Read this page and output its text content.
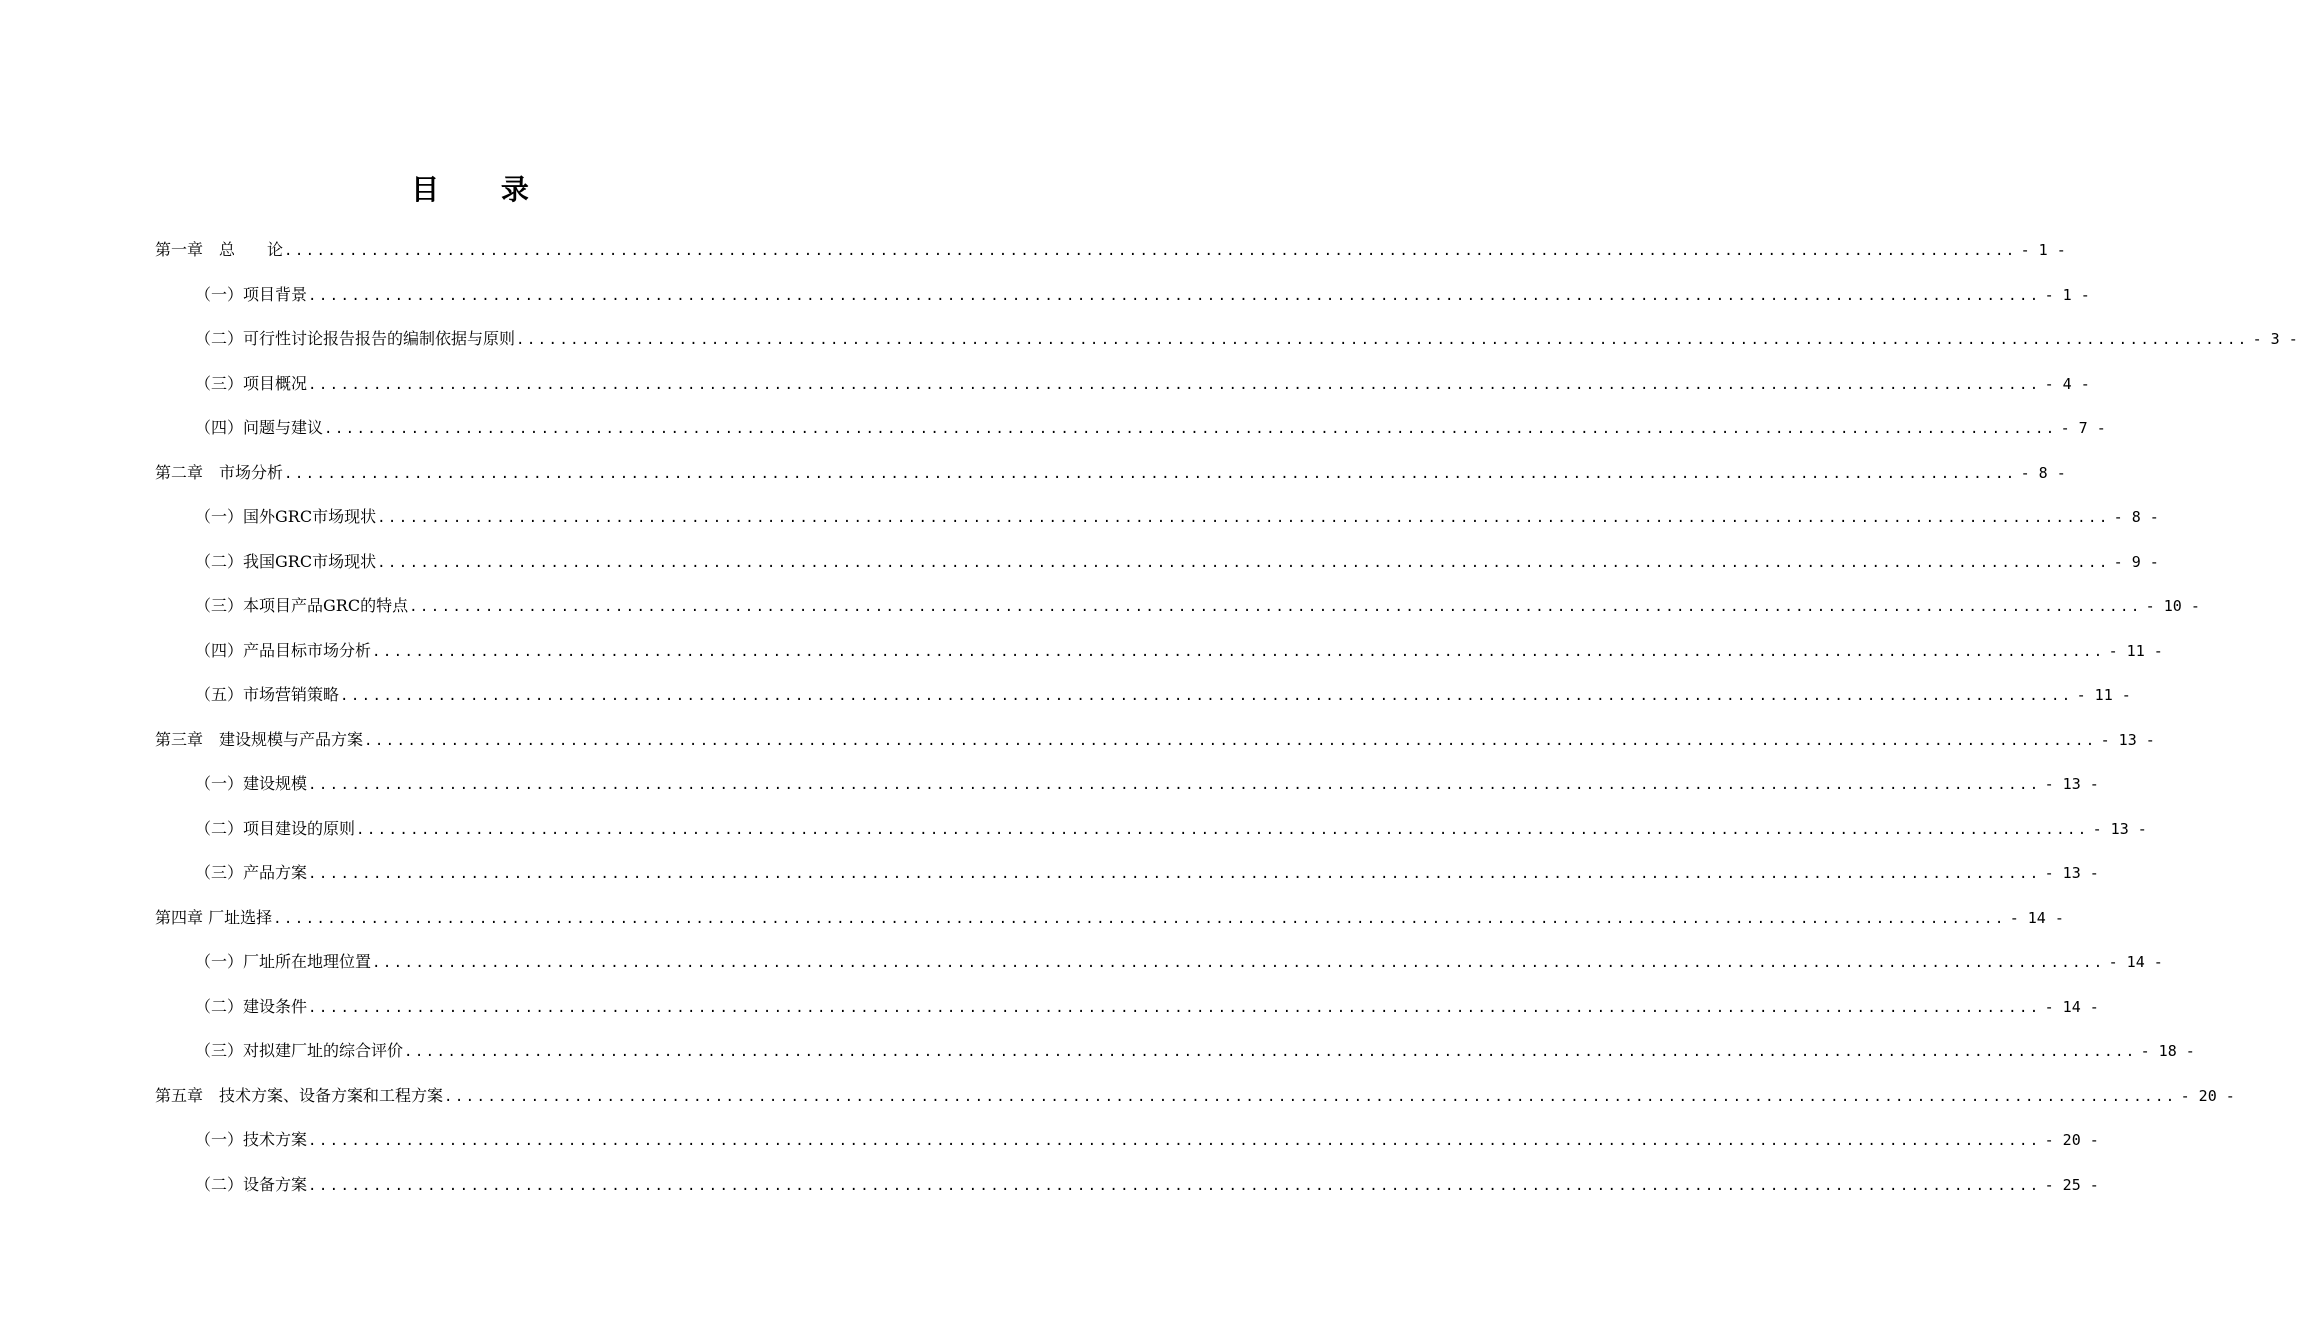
目 录
第一章　总　　论 ................................................................................................................................................................ - 1 -
（一）项目背景 ................................................................................................................................................................ - 1 -
（二）可行性讨论报告报告的编制依据与原则 ................................................................................................................................................................ - 3 -
（三）项目概况 ................................................................................................................................................................ - 4 -
（四）问题与建议 ................................................................................................................................................................ - 7 -
第二章　市场分析 ................................................................................................................................................................ - 8 -
（一）国外GRC市场现状 ................................................................................................................................................................ - 8 -
（二）我国GRC市场现状 ................................................................................................................................................................ - 9 -
（三）本项目产品GRC的特点 ................................................................................................................................................................ - 10 -
（四）产品目标市场分析 ................................................................................................................................................................ - 11 -
（五）市场营销策略 ................................................................................................................................................................ - 11 -
第三章　建设规模与产品方案 ................................................................................................................................................................ - 13 -
（一）建设规模 ................................................................................................................................................................ - 13 -
（二）项目建设的原则 ................................................................................................................................................................ - 13 -
（三）产品方案 ................................................................................................................................................................ - 13 -
第四章 厂址选择 ................................................................................................................................................................ - 14 -
（一）厂址所在地理位置 ................................................................................................................................................................ - 14 -
（二）建设条件 ................................................................................................................................................................ - 14 -
（三）对拟建厂址的综合评价 ................................................................................................................................................................ - 18 -
第五章　技术方案、设备方案和工程方案 ................................................................................................................................................................ - 20 -
（一）技术方案 ................................................................................................................................................................ - 20 -
（二）设备方案 ................................................................................................................................................................ - 25 -
